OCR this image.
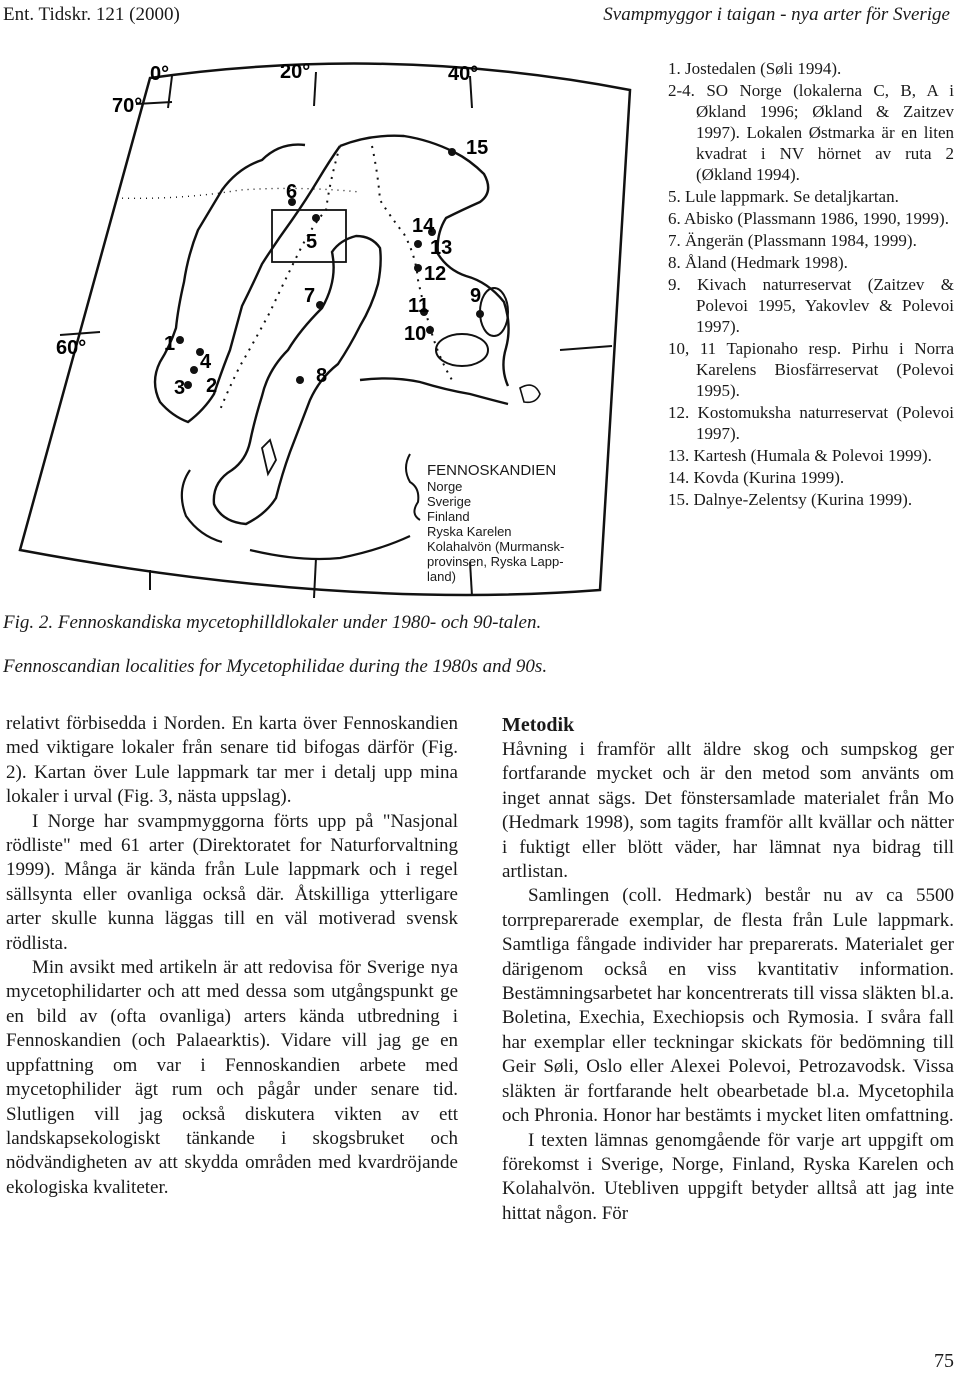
Ent. Tidskr. 121 (2000)	Svampmyggor i taigan - nya arter för Sverige
0°	20°	40°
70°
60°	1
2
3
4
5
6
7
8
9
10
11
12
13
14
15
FENNOSKANDIEN
Norge
Sverige
Finland
Ryska Karelen
Kolahalvön (Murmansk-
provinsen, Ryska Lapp-
land)
1. Jostedalen (Søli 1994).
2-4. SO Norge (lokalerna C, B, A i Økland 1996; Økland & Zaitzev 1997). Lokalen Østmarka är en liten kvadrat i NV hörnet av ruta 2 (Økland 1994).
5. Lule lappmark. Se detaljkartan.
6. Abisko (Plassmann 1986, 1990, 1999).
7. Ängerän (Plassmann 1984, 1999).
8. Åland (Hedmark 1998).
9. Kivach naturreservat (Zaitzev & Polevoi 1995, Yakovlev & Polevoi 1997).
10, 11 Tapionaho resp. Pirhu i Norra Karelens Biosfärreservat (Polevoi 1995).
12. Kostomuksha naturreservat (Polevoi 1997).
13. Kartesh (Humala & Polevoi 1999).
14. Kovda (Kurina 1999).
15. Dalnye-Zelentsy (Kurina 1999).
Fig. 2. Fennoskandiska mycetophilldlokaler under 1980- och 90-talen.
Fennoscandian localities for Mycetophilidae during the 1980s and 90s.

relativt förbisedda i Norden. En karta över Fennoskandien med viktigare lokaler från senare tid bifogas därför (Fig. 2). Kartan över Lule lappmark tar mer i detalj upp mina lokaler i urval (Fig. 3, nästa uppslag).

I Norge har svampmyggorna förts upp på "Nasjonal rödliste" med 61 arter (Direktoratet for Naturforvaltning 1999). Många är kända från Lule lappmark och i regel sällsynta eller ovanliga också där. Åtskilliga ytterligare arter skulle kunna läggas till en väl motiverad svensk rödlista.

Min avsikt med artikeln är att redovisa för Sverige nya mycetophilidarter och att med dessa som utgångspunkt ge en bild av (ofta ovanliga) arters kända utbredning i Fennoskandien (och Palaearktis). Vidare vill jag ge en uppfattning om var i Fennoskandien arbete med mycetophilider ägt rum och pågår under senare tid. Slutligen vill jag också diskutera vikten av ett landskapsekologiskt tänkande i skogsbruket och nödvändigheten av att skydda områden med kvardröjande ekologiska kvaliteter.

Metodik

Håvning i framför allt äldre skog och sumpskog ger fortfarande mycket och är den metod som använts om inget annat sägs. Det fönstersamlade materialet från Mo (Hedmark 1998), som tagits framför allt kvällar och nätter i fuktigt eller blött väder, har lämnat nya bidrag till artlistan.

Samlingen (coll. Hedmark) består nu av ca 5500 torrpreparerade exemplar, de flesta från Lule lappmark. Samtliga fångade individer har preparerats. Materialet ger därigenom också en viss kvantitativ information. Bestämningsarbetet har koncentrerats till vissa släkten bl.a. Boletina, Exechia, Exechiopsis och Rymosia. I svåra fall har exemplar eller teckningar skickats för bedömning till Geir Søli, Oslo eller Alexei Polevoi, Petrozavodsk. Vissa släkten är fortfarande helt obearbetade bl.a. Mycetophila och Phronia. Honor har bestämts i mycket liten omfattning.

I texten lämnas genomgående för varje art uppgift om förekomst i Sverige, Norge, Finland, Ryska Karelen och Kolahalvön. Utebliven uppgift betyder alltså att jag inte hittat någon. För

75
